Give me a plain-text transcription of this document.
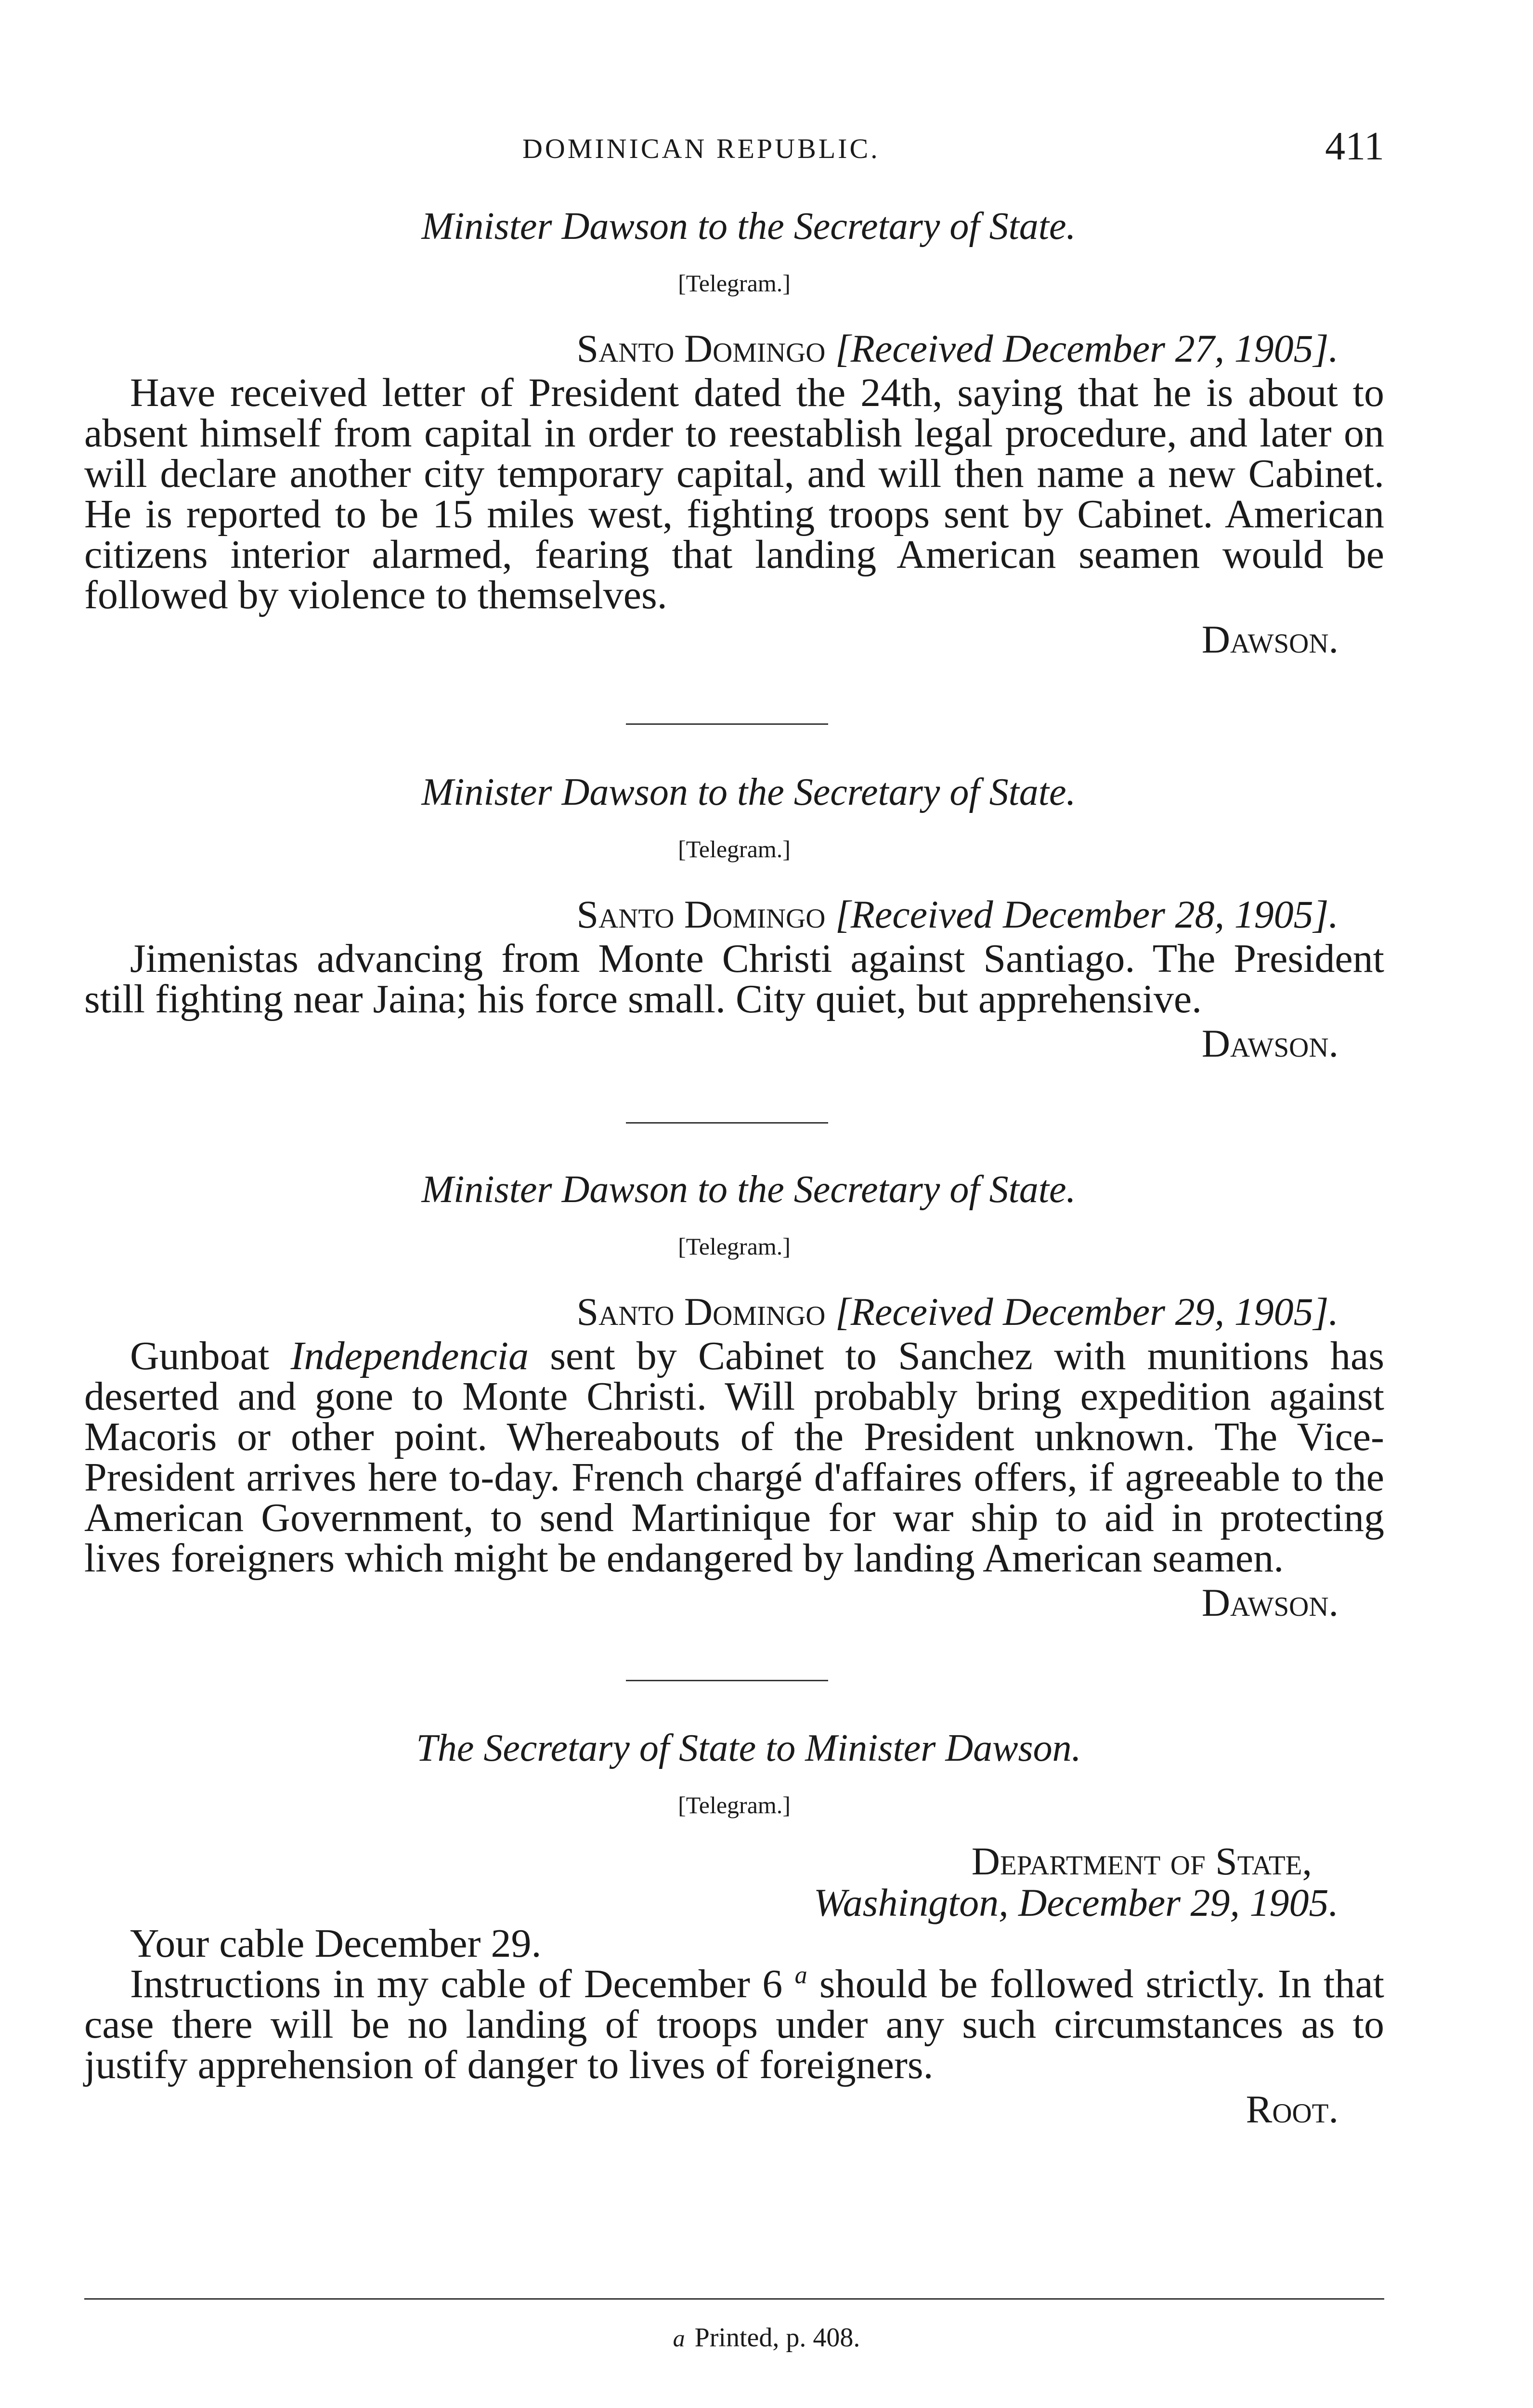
DOMINICAN REPUBLIC.	411
Minister Dawson to the Secretary of State.
[Telegram.]
Santo Domingo [Received December 27, 1905].

Have received letter of President dated the 24th, saying that he is about to absent himself from capital in order to reestablish legal procedure, and later on will declare another city temporary capital, and will then name a new Cabinet. He is reported to be 15 miles west, fighting troops sent by Cabinet. American citizens interior alarmed, fearing that landing American seamen would be followed by violence to themselves.

Dawson.
Minister Dawson to the Secretary of State.
[Telegram.]
Santo Domingo [Received December 28, 1905].

Jimenistas advancing from Monte Christi against Santiago. The President still fighting near Jaina; his force small. City quiet, but apprehensive.

Dawson.
Minister Dawson to the Secretary of State.
[Telegram.]
Santo Domingo [Received December 29, 1905].

Gunboat Independencia sent by Cabinet to Sanchez with munitions has deserted and gone to Monte Christi. Will probably bring expedition against Macoris or other point. Whereabouts of the President unknown. The Vice-President arrives here to-day. French chargé d'affaires offers, if agreeable to the American Government, to send Martinique for war ship to aid in protecting lives foreigners which might be endangered by landing American seamen.

Dawson.
The Secretary of State to Minister Dawson.
[Telegram.]
Department of State,
Washington, December 29, 1905.

Your cable December 29.

Instructions in my cable of December 6 $^a$ should be followed strictly. In that case there will be no landing of troops under any such circumstances as to justify apprehension of danger to lives of foreigners.

Root.
a Printed, p. 408.
